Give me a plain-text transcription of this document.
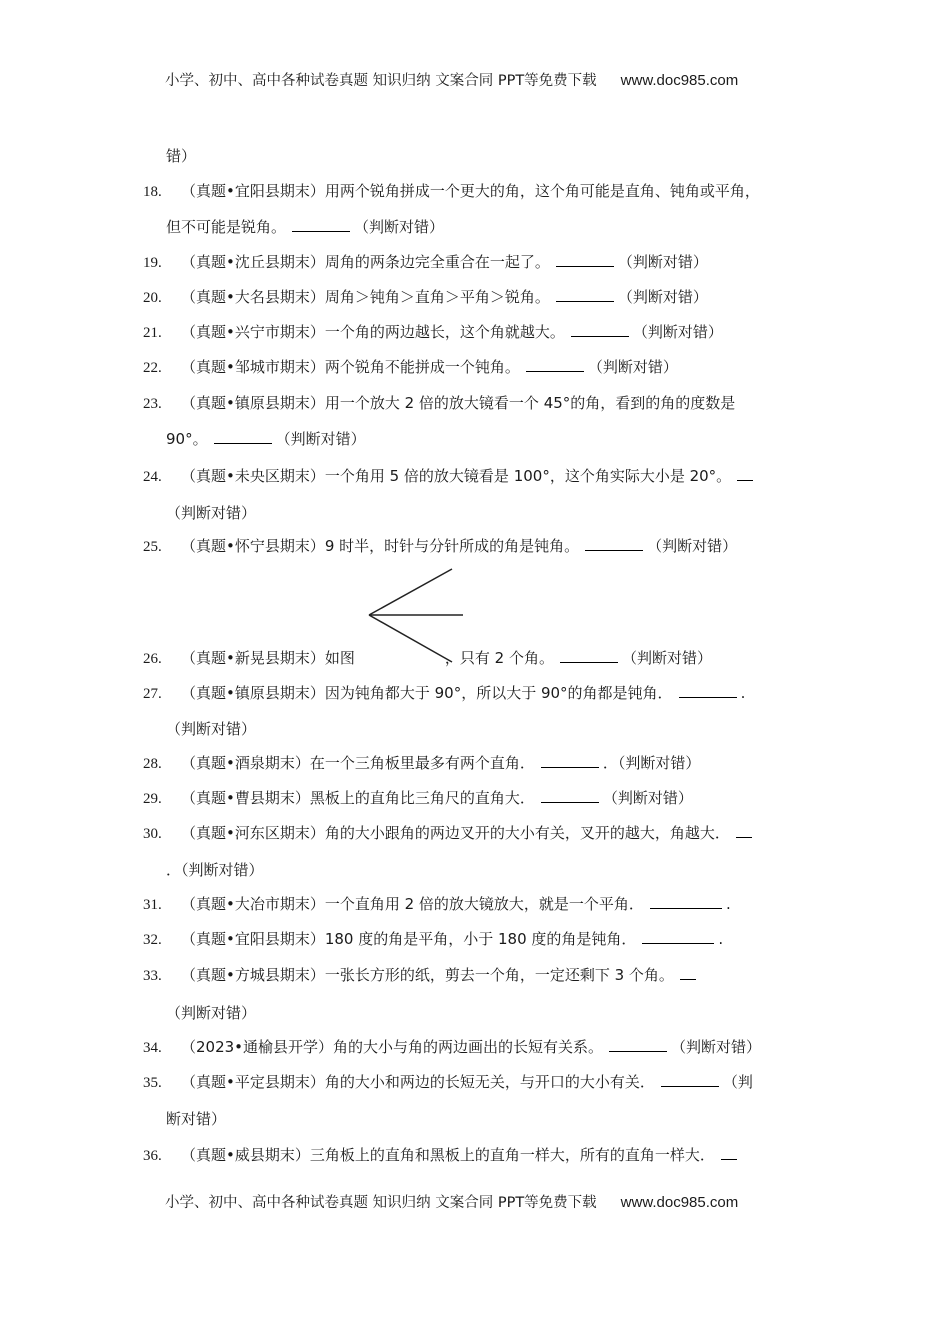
小学、初中、高中各种试卷真题 知识归纳 文案合同 PPT等免费下载 www.doc985.com
错）
18. （真题•宜阳县期末）用两个锐角拼成一个更大的角，这个角可能是直角、钝角或平角，
但不可能是锐角。	（判断对错）
19. （真题•沈丘县期末）周角的两条边完全重合在一起了。	（判断对错）
20. （真题•大名县期末）周角＞钝角＞直角＞平角＞锐角。	（判断对错）
21. （真题•兴宁市期末）一个角的两边越长，这个角就越大。	（判断对错）
22. （真题•邹城市期末）两个锐角不能拼成一个钝角。	（判断对错）
23. （真题•镇原县期末）用一个放大 2 倍的放大镜看一个 45°的角，看到的角的度数是
90°。	（判断对错）
24. （真题•未央区期末）一个角用 5 倍的放大镜看是 100°，这个角实际大小是 20°。
（判断对错）
25. （真题•怀宁县期末）9 时半，时针与分针所成的角是钝角。	（判断对错）
26. （真题•新晃县期末）如图	，只有 2 个角。	（判断对错）
27. （真题•镇原县期末）因为钝角都大于 90°，所以大于 90°的角都是钝角．	.
（判断对错）
28. （真题•酒泉期末）在一个三角板里最多有两个直角．	．（判断对错）
29. （真题•曹县期末）黑板上的直角比三角尺的直角大．	（判断对错）
30. （真题•河东区期末）角的大小跟角的两边叉开的大小有关，叉开的越大，角越大．
．（判断对错）
31. （真题•大冶市期末）一个直角用 2 倍的放大镜放大，就是一个平角．	.
32. （真题•宜阳县期末）180 度的角是平角，小于 180 度的角是钝角．	.
33. （真题•方城县期末）一张长方形的纸，剪去一个角，一定还剩下 3 个角。
（判断对错）
34. （2023•通榆县开学）角的大小与角的两边画出的长短有关系。	（判断对错）
35. （真题•平定县期末）角的大小和两边的长短无关，与开口的大小有关．	（判
断对错）
36. （真题•威县期末）三角板上的直角和黑板上的直角一样大，所有的直角一样大．
小学、初中、高中各种试卷真题 知识归纳 文案合同 PPT等免费下载 www.doc985.com
